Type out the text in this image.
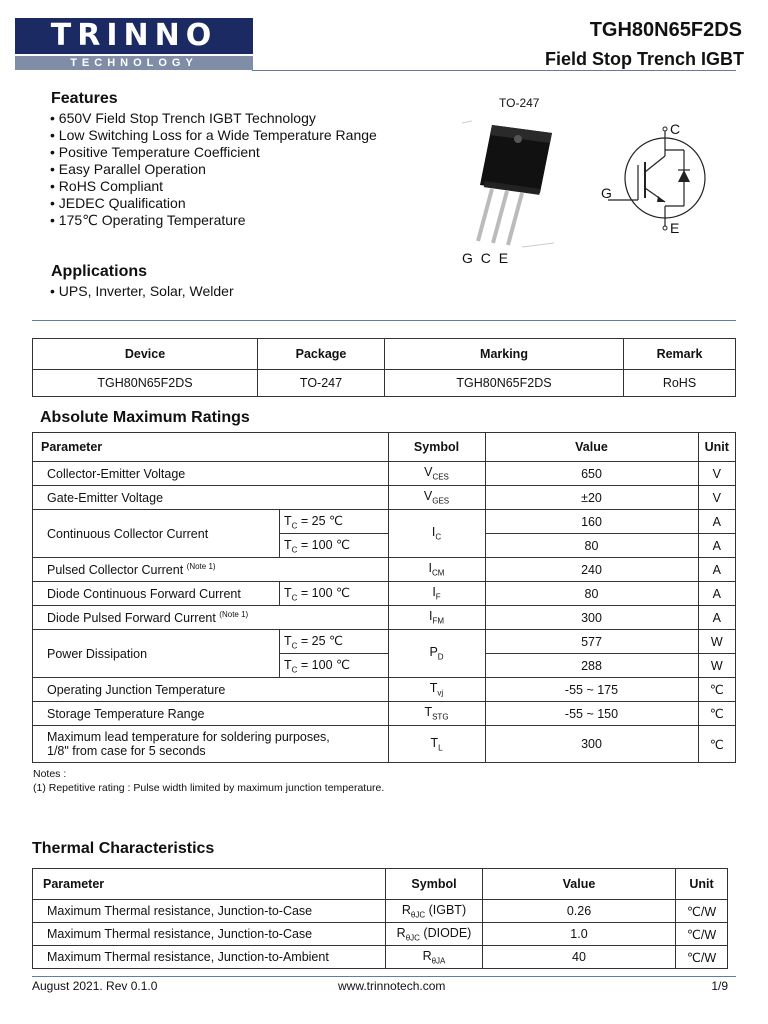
TRINNO
TECHNOLOGY
TGH80N65F2DS
Field Stop Trench IGBT
Features
• 650V Field Stop Trench IGBT Technology
• Low Switching Loss for a Wide Temperature Range
• Positive Temperature Coefficient
• Easy Parallel Operation
• RoHS Compliant
• JEDEC Qualification
• 175℃ Operating Temperature
Applications
• UPS, Inverter, Solar, Welder
TO-247
G C E
C
G
E
Device	Package	Marking	Remark
TGH80N65F2DS	TO-247	TGH80N65F2DS	RoHS
Absolute Maximum Ratings
Parameter		Symbol	Value	Unit
Collector-Emitter Voltage		$V_{CES}$	650	V
Gate-Emitter Voltage		$V_{GES}$	±20	V
Continuous Collector Current	$T_C = 25$ ℃	$I_C$	160	A
	$T_C = 100$ ℃		80	A
Pulsed Collector Current $^{(Note 1)}$		$I_{CM}$	240	A
Diode Continuous Forward Current	$T_C = 100$ ℃	$I_F$	80	A
Diode Pulsed Forward Current $^{(Note 1)}$		$I_{FM}$	300	A
Power Dissipation	$T_C = 25$ ℃	$P_D$	577	W
	$T_C = 100$ ℃		288	W
Operating Junction Temperature		$T_{vj}$	-55 ~ 175	℃
Storage Temperature Range		$T_{STG}$	-55 ~ 150	℃

Maximum lead temperature for soldering purposes,
1/8" from case for 5 seconds		$T_L$	300	℃
Notes :
(1) Repetitive rating : Pulse width limited by maximum junction temperature.
Thermal Characteristics
Parameter	Symbol	Value	Unit
Maximum Thermal resistance, Junction-to-Case	$R_{\theta JC}$ (IGBT)	0.26	℃/W
Maximum Thermal resistance, Junction-to-Case	$R_{\theta JC}$ (DIODE)	1.0	℃/W
Maximum Thermal resistance, Junction-to-Ambient	$R_{\theta JA}$	40	℃/W
August 2021. Rev 0.1.0	www.trinnotech.com	1/9
